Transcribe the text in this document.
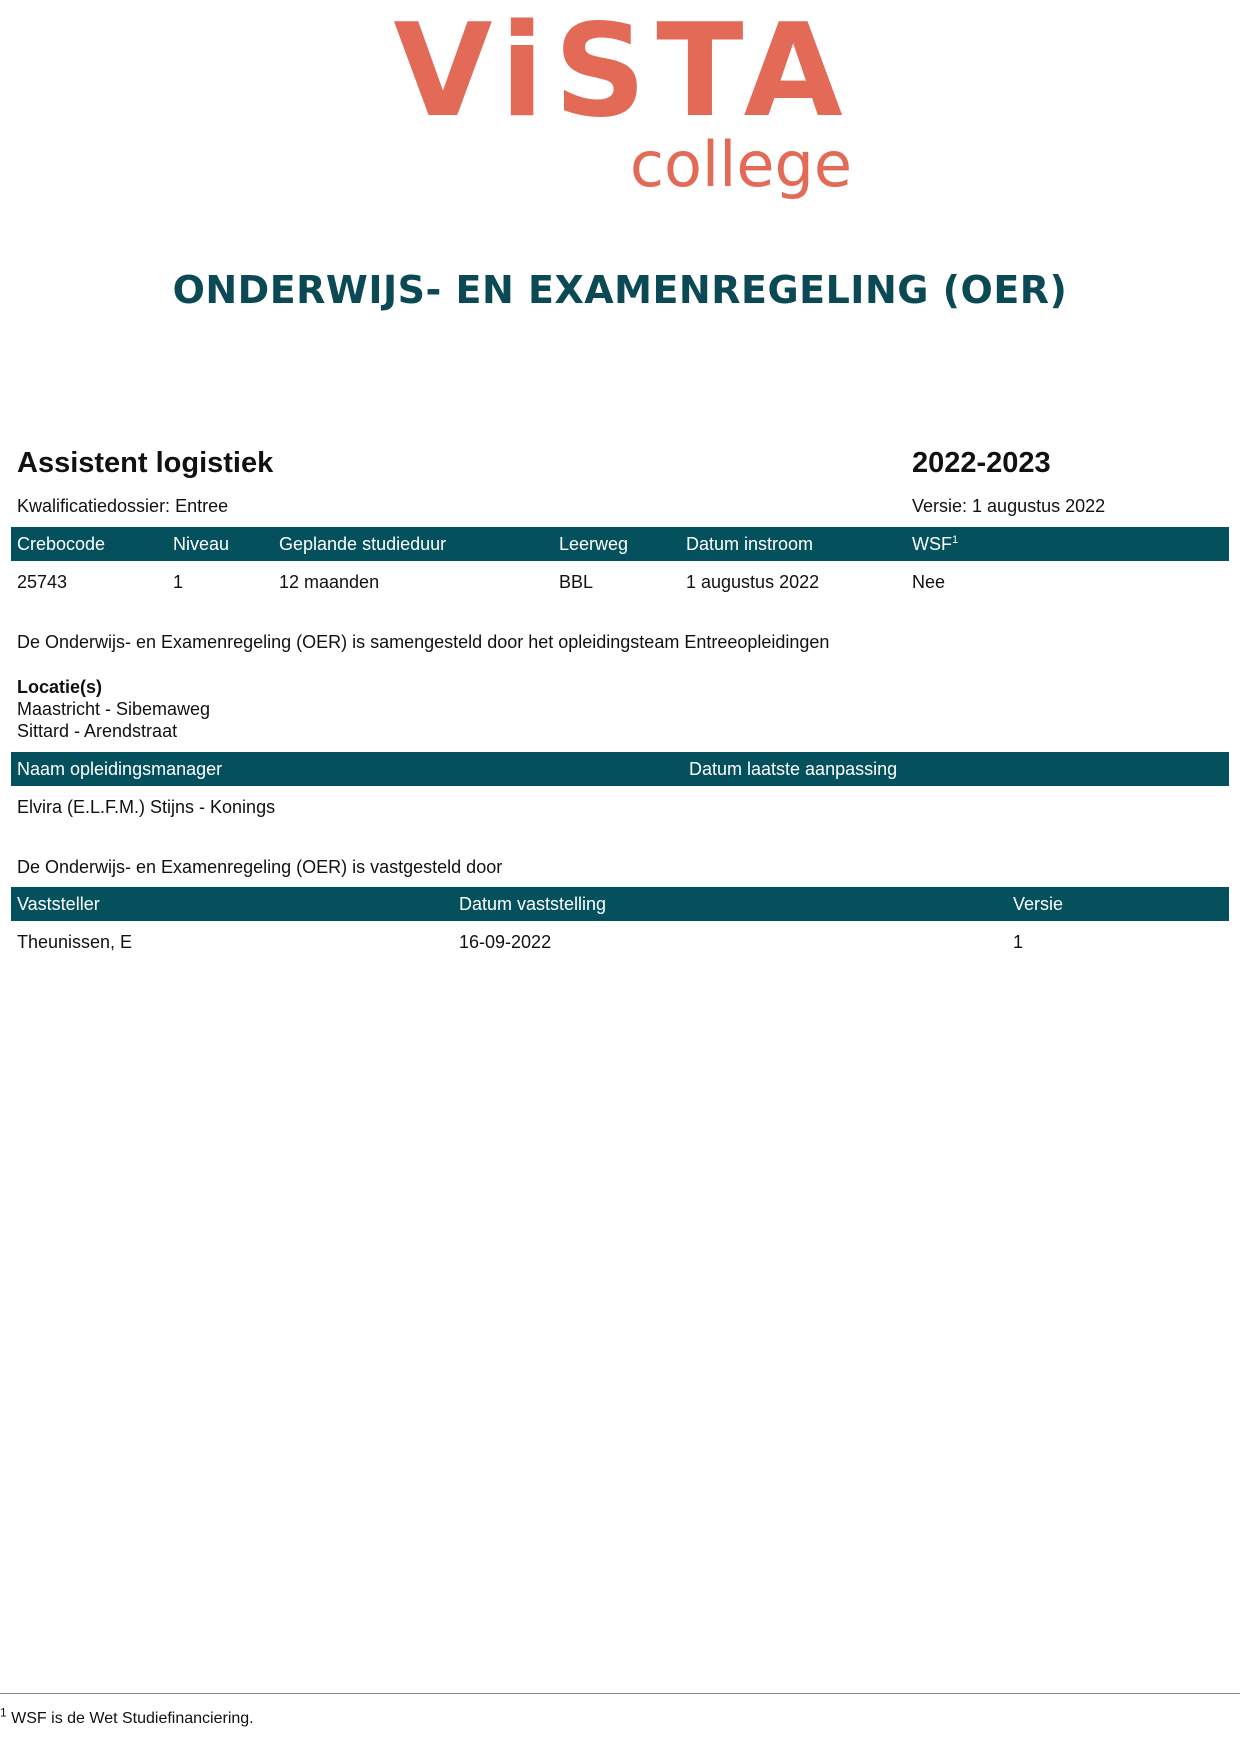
ViSTA
college
ONDERWIJS- EN EXAMENREGELING (OER)
Assistent logistiek	2022-2023
Kwalificatiedossier: Entree	Versie: 1 augustus 2022
Crebocode	Niveau	Geplande studieduur	Leerweg	Datum instroom	WSF$^1$
25743	1	12 maanden	BBL	1 augustus 2022	Nee
De Onderwijs- en Examenregeling (OER) is samengesteld door het opleidingsteam Entreeopleidingen
Locatie(s)
Maastricht - Sibemaweg
Sittard - Arendstraat
Naam opleidingsmanager	Datum laatste aanpassing
Elvira (E.L.F.M.) Stijns - Konings
De Onderwijs- en Examenregeling (OER) is vastgesteld door
Vaststeller	Datum vaststelling	Versie
Theunissen, E	16-09-2022	1
$^1$ WSF is de Wet Studiefinanciering.
